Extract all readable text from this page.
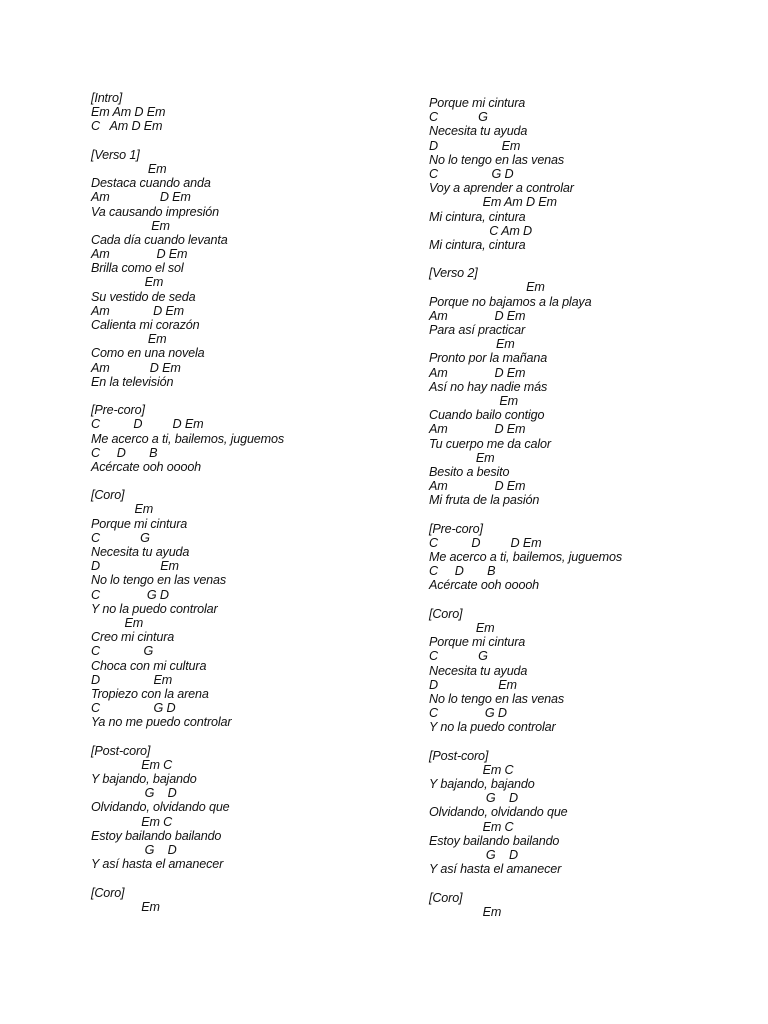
[Intro]
Em Am D Em
C   Am D Em

[Verso 1]
Em
Destaca cuando anda
Am               D Em
Va causando impresión
Em
Cada día cuando levanta
Am              D Em
Brilla como el sol
Em
Su vestido de seda
Am             D Em
Calienta mi corazón
Em
Como en una novela
Am            D Em
En la televisión

[Pre-coro]
C          D         D Em
Me acerco a ti, bailemos, juguemos
C     D       B
Acércate ooh ooooh

[Coro]
Em
Porque mi cintura
C            G
Necesita tu ayuda
D                  Em
No lo tengo en las venas
C              G D
Y no la puedo controlar
Em
Creo mi cintura
C             G
Choca con mi cultura
D                Em
Tropiezo con la arena
C                G D
Ya no me puedo controlar

[Post-coro]
Em C
Y bajando, bajando
G    D
Olvidando, olvidando que
Em C
Estoy bailando bailando
G    D
Y así hasta el amanecer

[Coro]
Em
Porque mi cintura
C            G
Necesita tu ayuda
D                   Em
No lo tengo en las venas
C                G D
Voy a aprender a controlar
Em Am D Em
Mi cintura, cintura
C Am D
Mi cintura, cintura

[Verso 2]
Em
Porque no bajamos a la playa
Am              D Em
Para así practicar
Em
Pronto por la mañana
Am              D Em
Así no hay nadie más
Em
Cuando bailo contigo
Am              D Em
Tu cuerpo me da calor
Em
Besito a besito
Am              D Em
Mi fruta de la pasión

[Pre-coro]
C          D         D Em
Me acerco a ti, bailemos, juguemos
C     D       B
Acércate ooh ooooh

[Coro]
Em
Porque mi cintura
C            G
Necesita tu ayuda
D                  Em
No lo tengo en las venas
C              G D
Y no la puedo controlar

[Post-coro]
Em C
Y bajando, bajando
G    D
Olvidando, olvidando que
Em C
Estoy bailando bailando
G    D
Y así hasta el amanecer

[Coro]
Em
